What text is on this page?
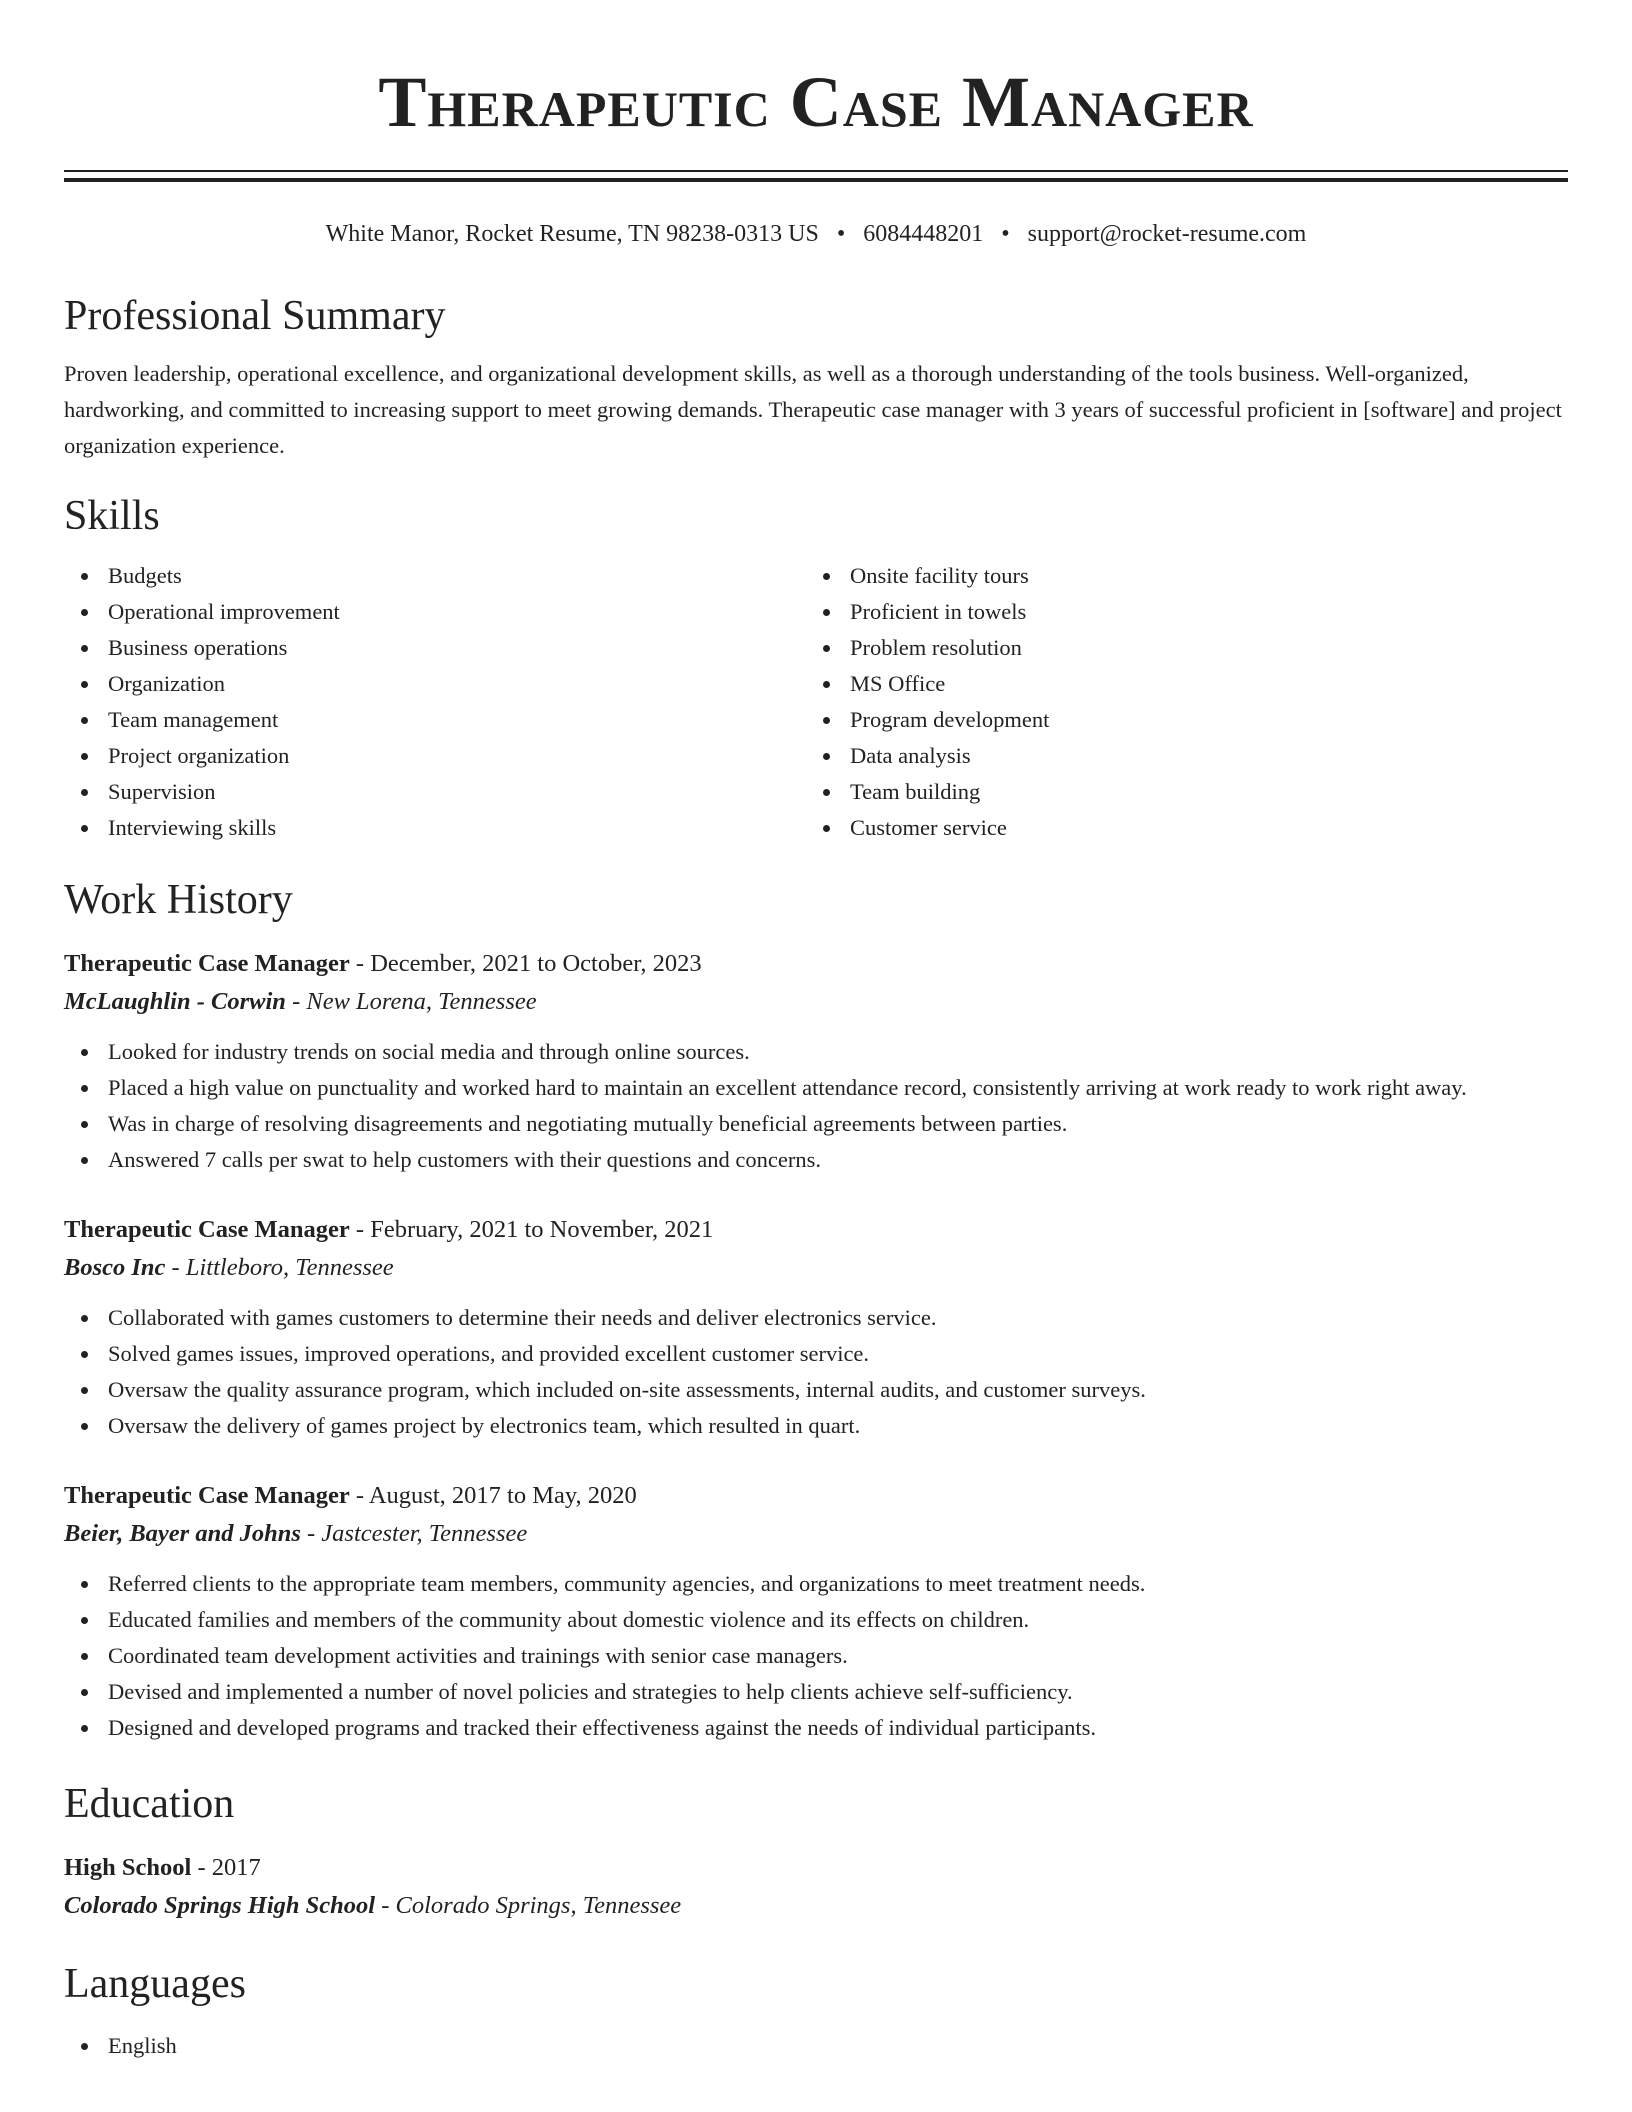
Therapeutic Case Manager
White Manor, Rocket Resume, TN 98238-0313 US • 6084448201 • support@rocket-resume.com
Professional Summary

Proven leadership, operational excellence, and organizational development skills, as well as a thorough understanding of the tools business. Well-organized, hardworking, and committed to increasing support to meet growing demands. Therapeutic case manager with 3 years of successful proficient in [software] and project organization experience.

Skills
Budgets
Operational improvement
Business operations
Organization
Team management
Project organization
Supervision
Interviewing skills
Onsite facility tours
Proficient in towels
Problem resolution
MS Office
Program development
Data analysis
Team building
Customer service
Work History
Therapeutic Case Manager - December, 2021 to October, 2023
McLaughlin - Corwin - New Lorena, Tennessee
Looked for industry trends on social media and through online sources.
Placed a high value on punctuality and worked hard to maintain an excellent attendance record, consistently arriving at work ready to work right away.
Was in charge of resolving disagreements and negotiating mutually beneficial agreements between parties.
Answered 7 calls per swat to help customers with their questions and concerns.
Therapeutic Case Manager - February, 2021 to November, 2021
Bosco Inc - Littleboro, Tennessee
Collaborated with games customers to determine their needs and deliver electronics service.
Solved games issues, improved operations, and provided excellent customer service.
Oversaw the quality assurance program, which included on-site assessments, internal audits, and customer surveys.
Oversaw the delivery of games project by electronics team, which resulted in quart.
Therapeutic Case Manager - August, 2017 to May, 2020
Beier, Bayer and Johns - Jastcester, Tennessee
Referred clients to the appropriate team members, community agencies, and organizations to meet treatment needs.
Educated families and members of the community about domestic violence and its effects on children.
Coordinated team development activities and trainings with senior case managers.
Devised and implemented a number of novel policies and strategies to help clients achieve self-sufficiency.
Designed and developed programs and tracked their effectiveness against the needs of individual participants.
Education
High School - 2017
Colorado Springs High School - Colorado Springs, Tennessee
Languages
English
